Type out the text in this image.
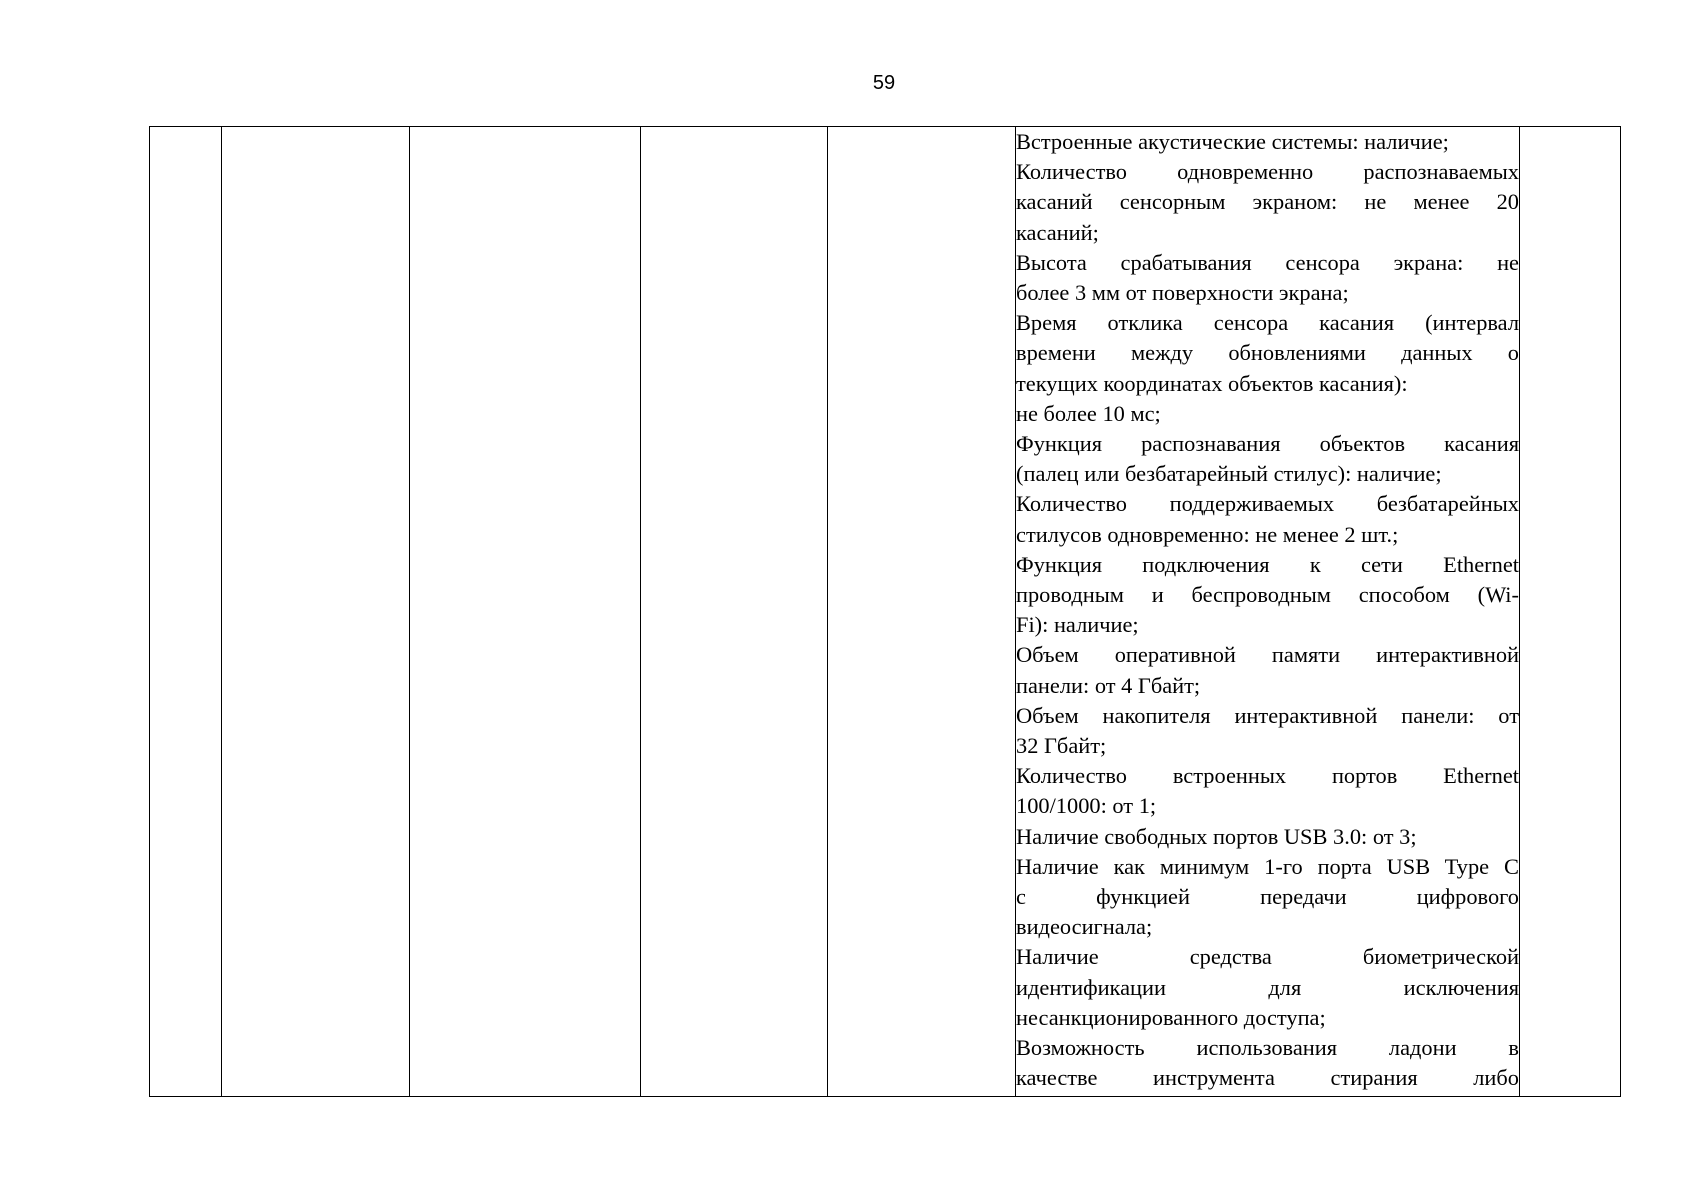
59

Встроенные акустические системы: наличие;
Количество одновременно распознаваемых
касаний сенсорным экраном: не менее 20
касаний;
Высота срабатывания сенсора экрана: не
более 3 мм от поверхности экрана;
Время отклика сенсора касания (интервал
времени между обновлениями данных о
текущих координатах объектов касания):
не более 10 мс;
Функция распознавания объектов касания
(палец или безбатарейный стилус): наличие;
Количество поддерживаемых безбатарейных
стилусов одновременно: не менее 2 шт.;
Функция подключения к сети Ethernet
проводным и беспроводным способом (Wi-
Fi): наличие;
Объем оперативной памяти интерактивной
панели: от 4 Гбайт;
Объем накопителя интерактивной панели: от
32 Гбайт;
Количество встроенных портов Ethernet
100/1000: от 1;
Наличие свободных портов USB 3.0: от 3;
Наличие как минимум 1-го порта USB Type C
с функцией передачи цифрового
видеосигнала;
Наличие средства биометрической
идентификации для исключения
несанкционированного доступа;
Возможность использования ладони в
качестве инструмента стирания либо
